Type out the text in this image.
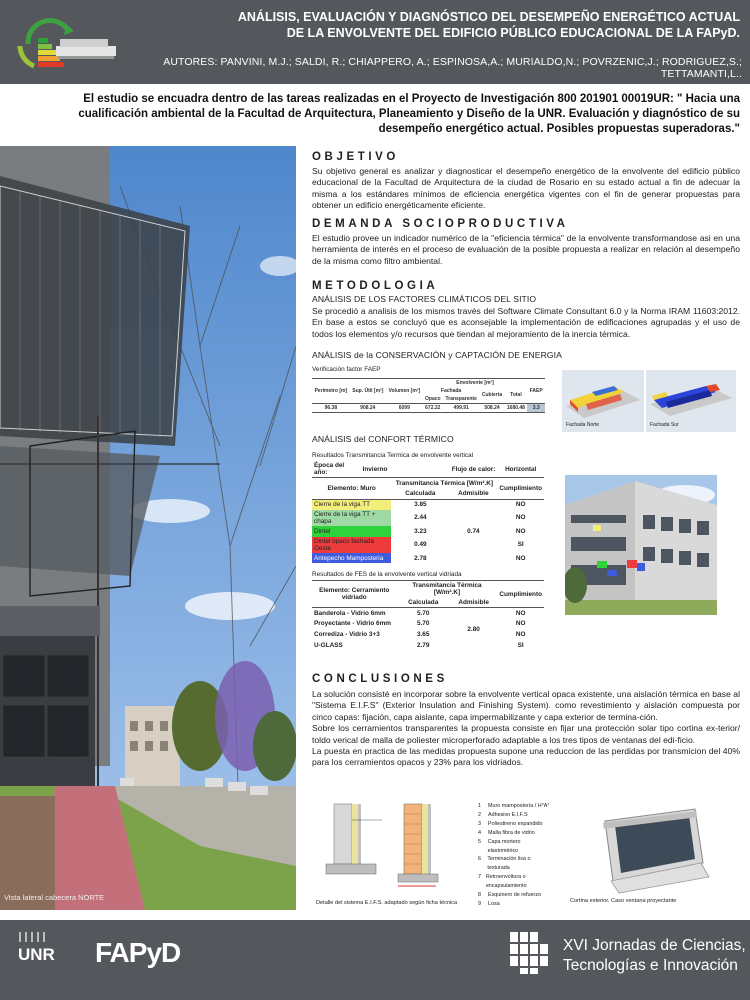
ANÁLISIS, EVALUACIÓN Y DIAGNÓSTICO DEL DESEMPEÑO ENERGÉTICO ACTUAL
DE LA ENVOLVENTE DEL EDIFICIO PÚBLICO EDUCACIONAL DE LA FAPyD.
AUTORES: PANVINI, M.J.; SALDI, R.; CHIAPPERO, A.; ESPINOSA,A.; MURIALDO,N.; POVRZENIC,J.; RODRIGUEZ,S.; TETTAMANTI,L..
El estudio se encuadra dentro de las tareas realizadas en el Proyecto de Investigación 800 201901 00019UR: " Hacia una cualificación ambiental de la Facultad de Arquitectura, Planeamiento y Diseño de la UNR. Evaluación y diagnóstico de su desempeño energético actual. Posibles propuestas superadoras."
Vista lateral cabecera NORTE
OBJETIVO
Su objetivo general es analizar y diagnosticar el desempeño energético de la envolvente del edificio público educacional de la Facultad de Arquitectura de la ciudad de Rosario en su estado actual a fin de adecuar la misma a los estándares mínimos de eficiencia energética vigentes con el fin de generar propuestas para obtener un edificio energéticamente eficiente.
DEMANDA SOCIOPRODUCTIVA
El estudio provee un indicador numérico de la "eficiencia térmica" de la envolvente transformandose asi en una herramienta de interés en el proceso de evaluación de la posible propuesta a realizar en relación al desempeño de la misma como filtro ambiental.
METODOLOGIA
ANÁLISIS DE LOS FACTORES CLIMÁTICOS DEL SITIO
Se procedió a analisis de los mismos través del Software Climate Consultant 6.0 y la Norma IRAM 11603:2012. En base a estos se concluyó que es aconsejable la implementación de edificaciones agrupadas y el uso de todos los elementos y/o recursos que tiendan al mejoramiento de la inercia térmica.
ANÁLISIS de la CONSERVACIÓN y CAPTACIÓN DE ENERGIA
Verificación factor FAEP
Perímetro [m]	Sup. Útil [m²]	Volumen [m³]	Envolvente [m²]				FAEP
			Fachada		Cubierta	Total	
			Opaco	Transparente			
96.38	908.24	6099	672.22	499.91	508.24	1680.48	3.3
Fachada Norte	Fachada Sur
ANÁLISIS del CONFORT TÉRMICO
Resultados Transmitancia Termica de envolvente vertical
Época del año:	Invierno	Flujo de calor:		Horizontal
Elemento: Muro		Transmitancia Térmica [W/m².K]		Cumplimiento
		Calculada	Admisible	
Cierre de la viga TT		3.85	0.74	NO
Cierre de la viga TT + chapa		2.44		NO
Dintel		3.23		NO
Dintel opaco fachada Oeste		0.49		SI
Antepecho Mamposteria		2.78		NO
Resultados de FES de la envolvente vertical vidriada
Elemento: Cerramiento vidriado	Transmitancia Térmica [W/m².K]		Cumplimiento
	Calculada	Admisible	
Banderola - Vidrio 6mm	5.70	2.80	NO
Proyectante - Vidrio 6mm	5.70		NO
Corrediza - Vidrio 3+3	3.65		NO
U-GLASS	2.79		SI
CONCLUSIONES
La solución consisté en incorporar sobre la envolvente vertical opaca existente, una aislación térmica en base al "Sistema E.I.F.S" (Exterior Insulation and Finishing System). como revestimiento y aislación compuesta por cinco capas: fijación, capa aislante, capa impermabilizante y capa exterior de termina-ción.
Sobre los cerramientos transparentes la propuesta consiste en fijar una protección solar tipo cortina ex-terior/ toldo verical de malla de poliester microperforado adaptable a los tres tipos de ventanas del edi-ficio.
La puesta en practica de las medidas propuesta supone una reduccion de las perdidas por transmicion del 40% para los cerramientos opacos y 23% para los vidriados.
Detalle del sistema E.I.F.S. adaptado según ficha técnica
1	Muro mampostería / H°A°
2	Adhesivo E.I.F.S
3	Poliestireno expandido
4	Malla fibra de vidrio
5	Capa mortero elastomérico
6	Terminación lisa o texturada
7 Retroenvoltura o encapsulamiento
8	Esquinero de refuerzo
9	Losa	Cortina exterior. Caso ventana proyectante
UNR FAPyD	XVI Jornadas de Ciencias,
Tecnologías e Innovación
